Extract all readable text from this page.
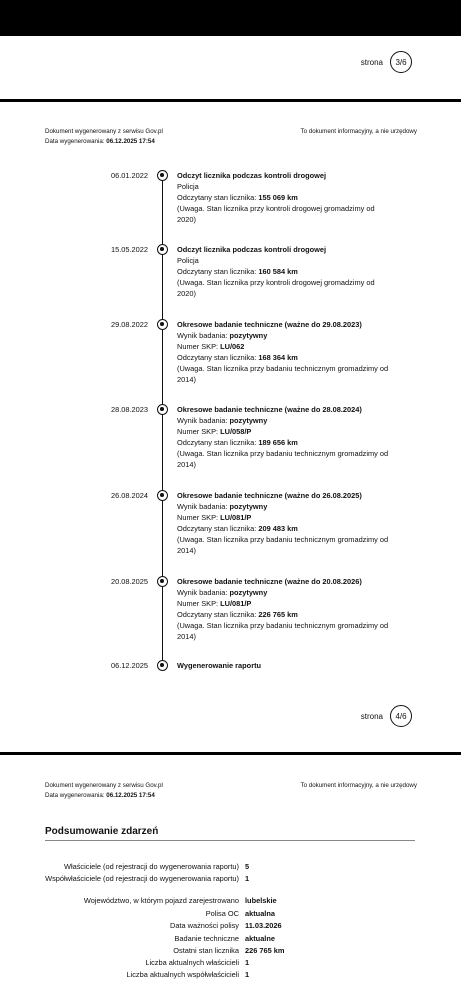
strona	3/6
Dokument wygenerowany z serwisu Gov.pl
Data wygenerowania: 06.12.2025 17:54
To dokument informacyjny, a nie urzędowy
06.01.2022	Odczyt licznika podczas kontroli drogowej
Policja
Odczytany stan licznika: 155 069 km
(Uwaga. Stan licznika przy kontroli drogowej gromadzimy od
2020)
15.05.2022	Odczyt licznika podczas kontroli drogowej
Policja
Odczytany stan licznika: 160 584 km
(Uwaga. Stan licznika przy kontroli drogowej gromadzimy od
2020)
29.08.2022	Okresowe badanie techniczne (ważne do 29.08.2023)
Wynik badania: pozytywny
Numer SKP: LU/062
Odczytany stan licznika: 168 364 km
(Uwaga. Stan licznika przy badaniu technicznym gromadzimy od
2014)
28.08.2023	Okresowe badanie techniczne (ważne do 28.08.2024)
Wynik badania: pozytywny
Numer SKP: LU/058/P
Odczytany stan licznika: 189 656 km
(Uwaga. Stan licznika przy badaniu technicznym gromadzimy od
2014)
26.08.2024	Okresowe badanie techniczne (ważne do 26.08.2025)
Wynik badania: pozytywny
Numer SKP: LU/081/P
Odczytany stan licznika: 209 483 km
(Uwaga. Stan licznika przy badaniu technicznym gromadzimy od
2014)
20.08.2025	Okresowe badanie techniczne (ważne do 20.08.2026)
Wynik badania: pozytywny
Numer SKP: LU/081/P
Odczytany stan licznika: 226 765 km
(Uwaga. Stan licznika przy badaniu technicznym gromadzimy od
2014)
06.12.2025	Wygenerowanie raportu
strona	4/6
Dokument wygenerowany z serwisu Gov.pl
Data wygenerowania: 06.12.2025 17:54
To dokument informacyjny, a nie urzędowy
Podsumowanie zdarzeń
Właściciele (od rejestracji do wygenerowania raportu) 5
Współwłaściciele (od rejestracji do wygenerowania raportu) 1
Województwo, w którym pojazd zarejestrowano lubelskie
Polisa OC aktualna
Data ważności polisy 11.03.2026
Badanie techniczne aktualne
Ostatni stan licznika 226 765 km
Liczba aktualnych właścicieli 1
Liczba aktualnych współwłaścicieli 1
